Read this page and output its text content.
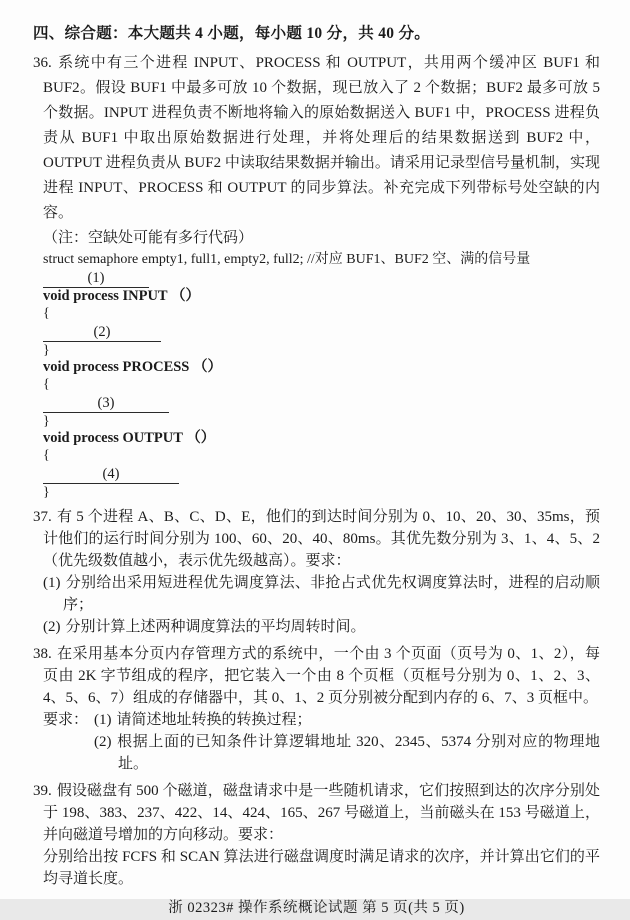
四、综合题：本大题共 4 小题，每小题 10 分，共 40 分。

36. 系统中有三个进程 INPUT、PROCESS 和 OUTPUT，共用两个缓冲区 BUF1 和 BUF2。假设 BUF1 中最多可放 10 个数据，现已放入了 2 个数据；BUF2 最多可放 5 个数据。INPUT 进程负责不断地将输入的原始数据送入 BUF1 中，PROCESS 进程负责从 BUF1 中取出原始数据进行处理，并将处理后的结果数据送到 BUF2 中，OUTPUT 进程负责从 BUF2 中读取结果数据并输出。请采用记录型信号量机制，实现进程 INPUT、PROCESS 和 OUTPUT 的同步算法。补充完成下列带标号处空缺的内容。

（注：空缺处可能有多行代码）

struct semaphore empty1, full1, empty2, full2; //对应 BUF1、BUF2 空、满的信号量
(1)
void process INPUT （）
{
(2)
}
void process PROCESS （）
{
(3)
}
void process OUTPUT （）
{
(4)
}

37. 有 5 个进程 A、B、C、D、E，他们的到达时间分别为 0、10、20、30、35ms，预计他们的运行时间分别为 100、60、20、40、80ms。其优先数分别为 3、1、4、5、2（优先级数值越小，表示优先级越高）。要求：

(1) 分别给出采用短进程优先调度算法、非抢占式优先权调度算法时，进程的启动顺序；

(2) 分别计算上述两种调度算法的平均周转时间。

38. 在采用基本分页内存管理方式的系统中，一个由 3 个页面（页号为 0、1、2），每页由 2K 字节组成的程序，把它装入一个由 8 个页框（页框号分别为 0、1、2、3、4、5、6、7）组成的存储器中，其 0、1、2 页分别被分配到内存的 6、7、3 页框中。

要求： (1) 请简述地址转换的转换过程；

(2) 根据上面的已知条件计算逻辑地址 320、2345、5374 分别对应的物理地址。

39. 假设磁盘有 500 个磁道，磁盘请求中是一些随机请求，它们按照到达的次序分别处于 198、383、237、422、14、424、165、267 号磁道上，当前磁头在 153 号磁道上，并向磁道号增加的方向移动。要求：

分别给出按 FCFS 和 SCAN 算法进行磁盘调度时满足请求的次序，并计算出它们的平均寻道长度。

浙 02323# 操作系统概论试题 第 5 页(共 5 页)
